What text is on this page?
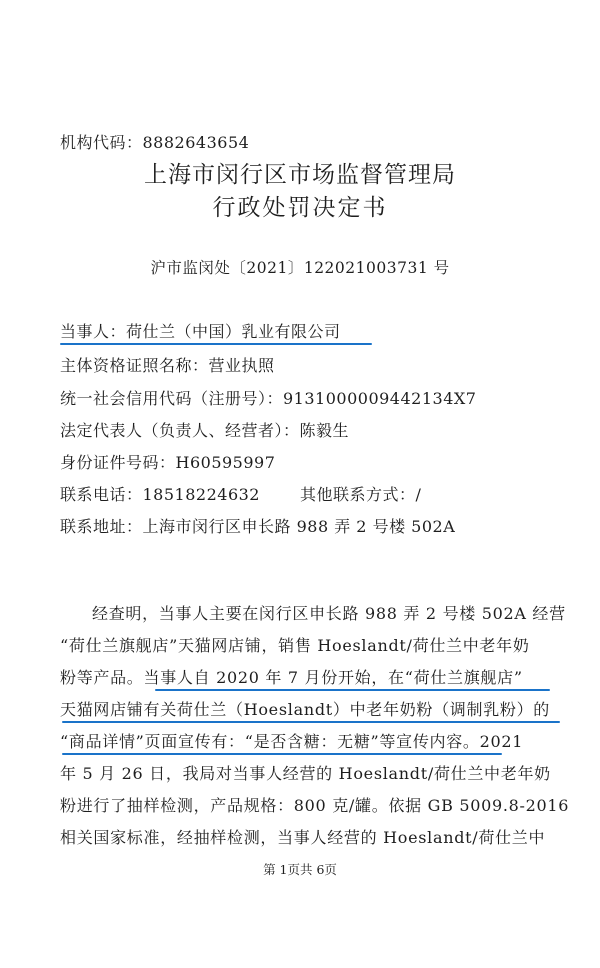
机构代码：8882643654
上海市闵行区市场监督管理局
行政处罚决定书
沪市监闵处〔2021〕122021003731 号
当事人：荷仕兰（中国）乳业有限公司
主体资格证照名称：营业执照
统一社会信用代码（注册号）：9131000009442134X7
法定代表人（负责人、经营者）：陈毅生
身份证件号码：H60595997
联系电话：18518224632	其他联系方式：/
联系地址：上海市闵行区申长路 988 弄 2 号楼 502A
经查明，当事人主要在闵行区申长路 988 弄 2 号楼 502A 经营
“荷仕兰旗舰店”天猫网店铺，销售 Hoeslandt/荷仕兰中老年奶
粉等产品。当事人自 2020 年 7 月份开始，在“荷仕兰旗舰店”
天猫网店铺有关荷仕兰（Hoeslandt）中老年奶粉（调制乳粉）的
“商品详情”页面宣传有：“是否含糖：无糖”等宣传内容。2021
年 5 月 26 日，我局对当事人经营的 Hoeslandt/荷仕兰中老年奶
粉进行了抽样检测，产品规格：800 克/罐。依据 GB 5009.8-2016
相关国家标准，经抽样检测，当事人经营的 Hoeslandt/荷仕兰中
第 1页共 6页
